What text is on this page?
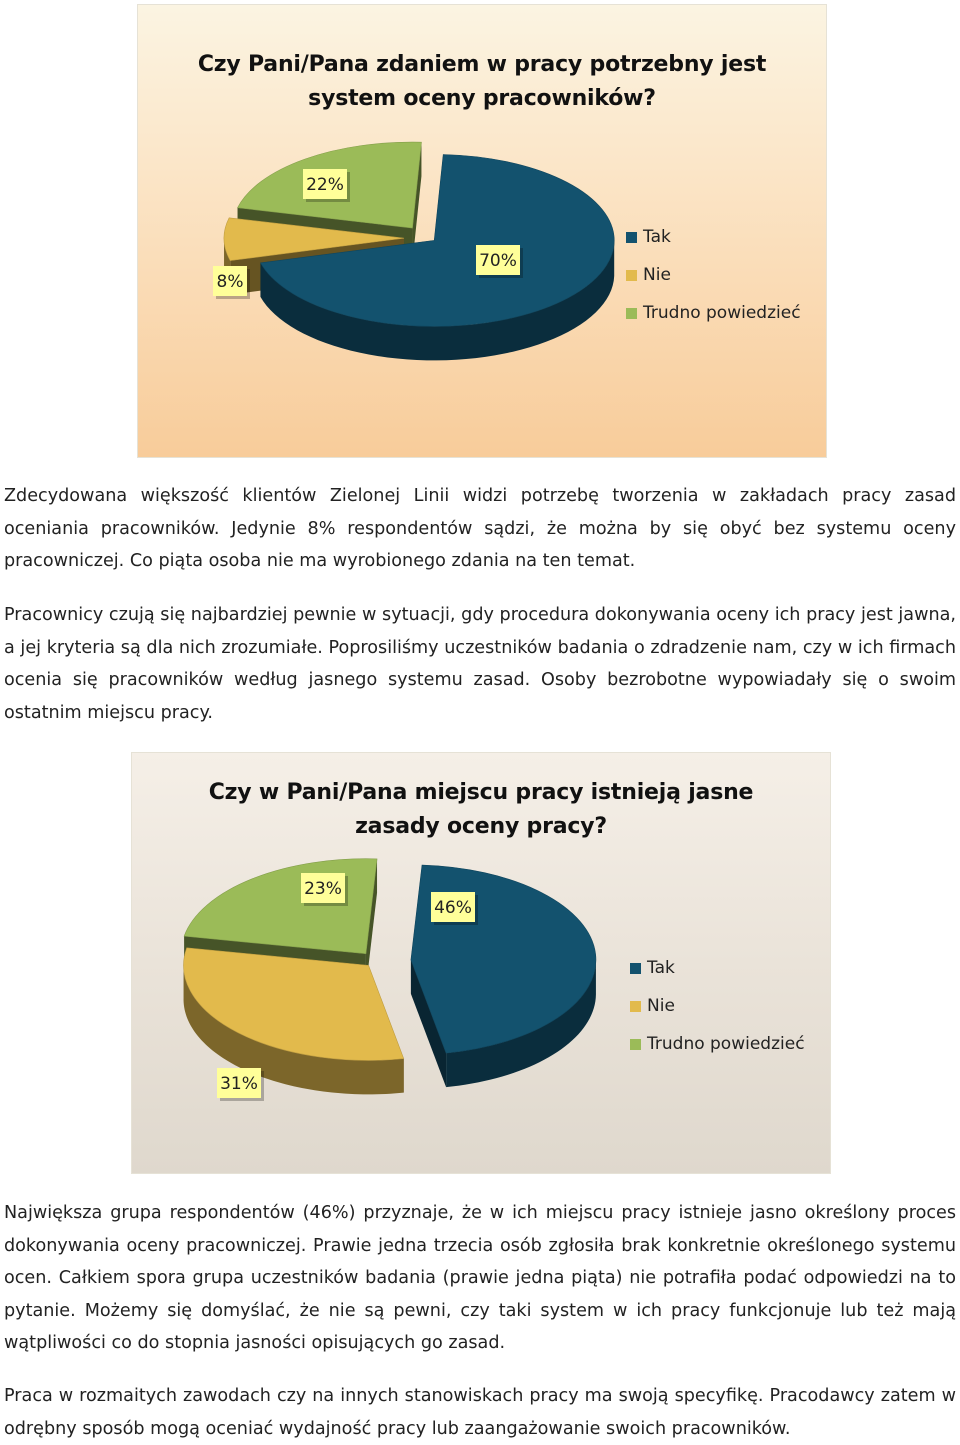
Czy Pani/Pana zdaniem w pracy potrzebny jest
system oceny pracowników?
70%
8%
22%
Tak
Nie
Trudno powiedzieć

Zdecydowana większość klientów Zielonej Linii widzi potrzebę tworzenia w zakładach pracy zasad oceniania pracowników. Jedynie 8% respondentów sądzi, że można by się obyć bez systemu oceny pracowniczej. Co piąta osoba nie ma wyrobionego zdania na ten temat.

Pracownicy czują się najbardziej pewnie w sytuacji, gdy procedura dokonywania oceny ich pracy jest jawna, a jej kryteria są dla nich zrozumiałe. Poprosiliśmy uczestników badania o zdradzenie nam, czy w ich firmach ocenia się pracowników według jasnego systemu zasad. Osoby bezrobotne wypowiadały się o swoim ostatnim miejscu pracy.

Czy w Pani/Pana miejscu pracy istnieją jasne
zasady oceny pracy?
46%
31%
23%
Tak
Nie
Trudno powiedzieć

Największa grupa respondentów (46%) przyznaje, że w ich miejscu pracy istnieje jasno określony proces dokonywania oceny pracowniczej. Prawie jedna trzecia osób zgłosiła brak konkretnie określonego systemu ocen. Całkiem spora grupa uczestników badania (prawie jedna piąta) nie potrafiła podać odpowiedzi na to pytanie. Możemy się domyślać, że nie są pewni, czy taki system w ich pracy funkcjonuje lub też mają wątpliwości co do stopnia jasności opisujących go zasad.

Praca w rozmaitych zawodach czy na innych stanowiskach pracy ma swoją specyfikę. Pracodawcy zatem w odrębny sposób mogą oceniać wydajność pracy lub zaangażowanie swoich pracowników.
